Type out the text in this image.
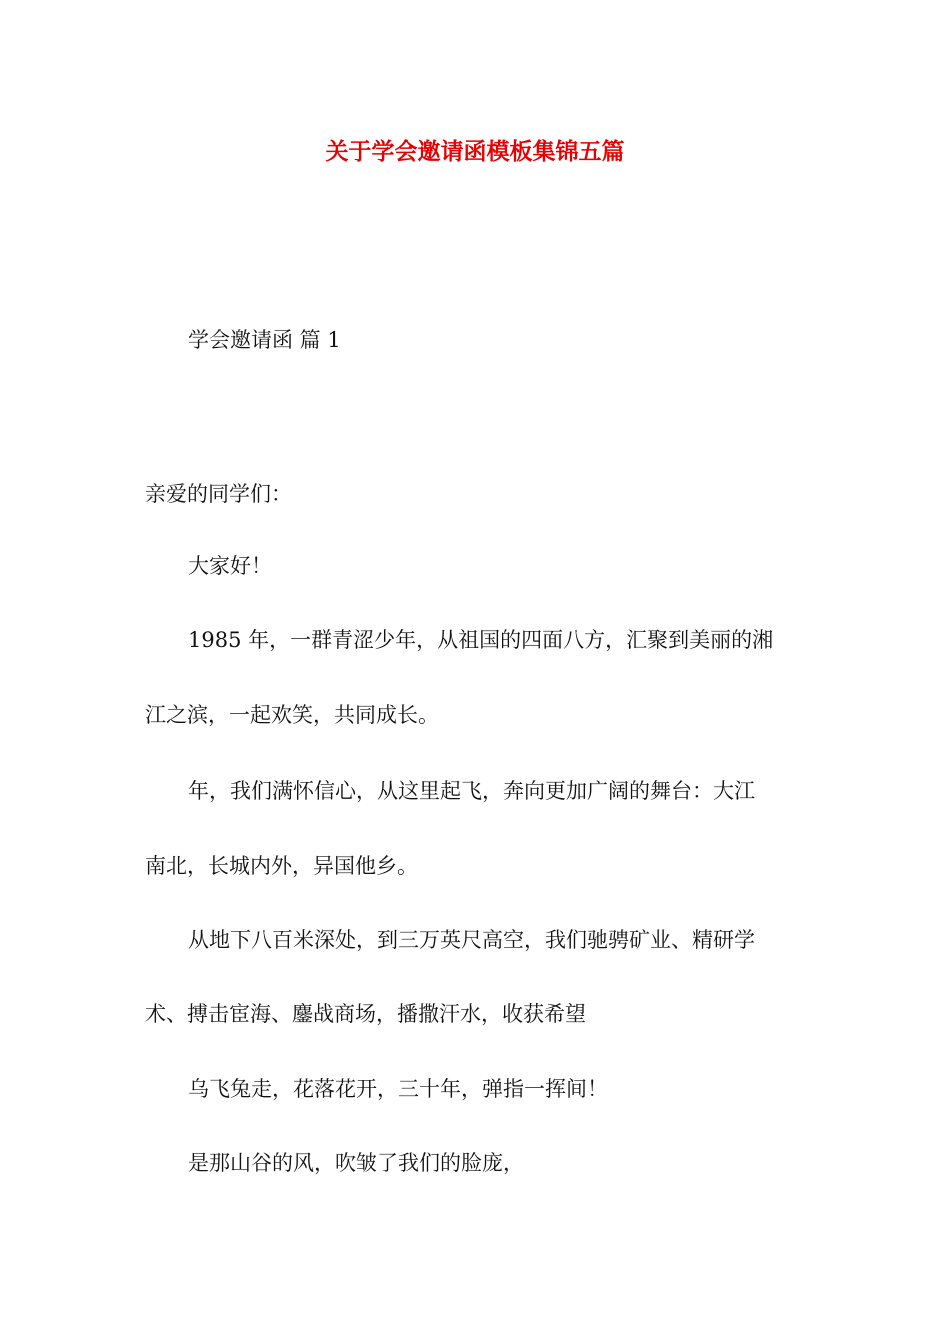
关于学会邀请函模板集锦五篇
学会邀请函 篇 1
亲爱的同学们：
大家好！
1985 年，一群青涩少年，从祖国的四面八方，汇聚到美丽的湘
江之滨，一起欢笑，共同成长。
年，我们满怀信心，从这里起飞，奔向更加广阔的舞台：大江
南北，长城内外，异国他乡。
从地下八百米深处，到三万英尺高空，我们驰骋矿业、精研学
术、搏击宦海、鏖战商场，播撒汗水，收获希望
乌飞兔走，花落花开，三十年，弹指一挥间！
是那山谷的风，吹皱了我们的脸庞，
